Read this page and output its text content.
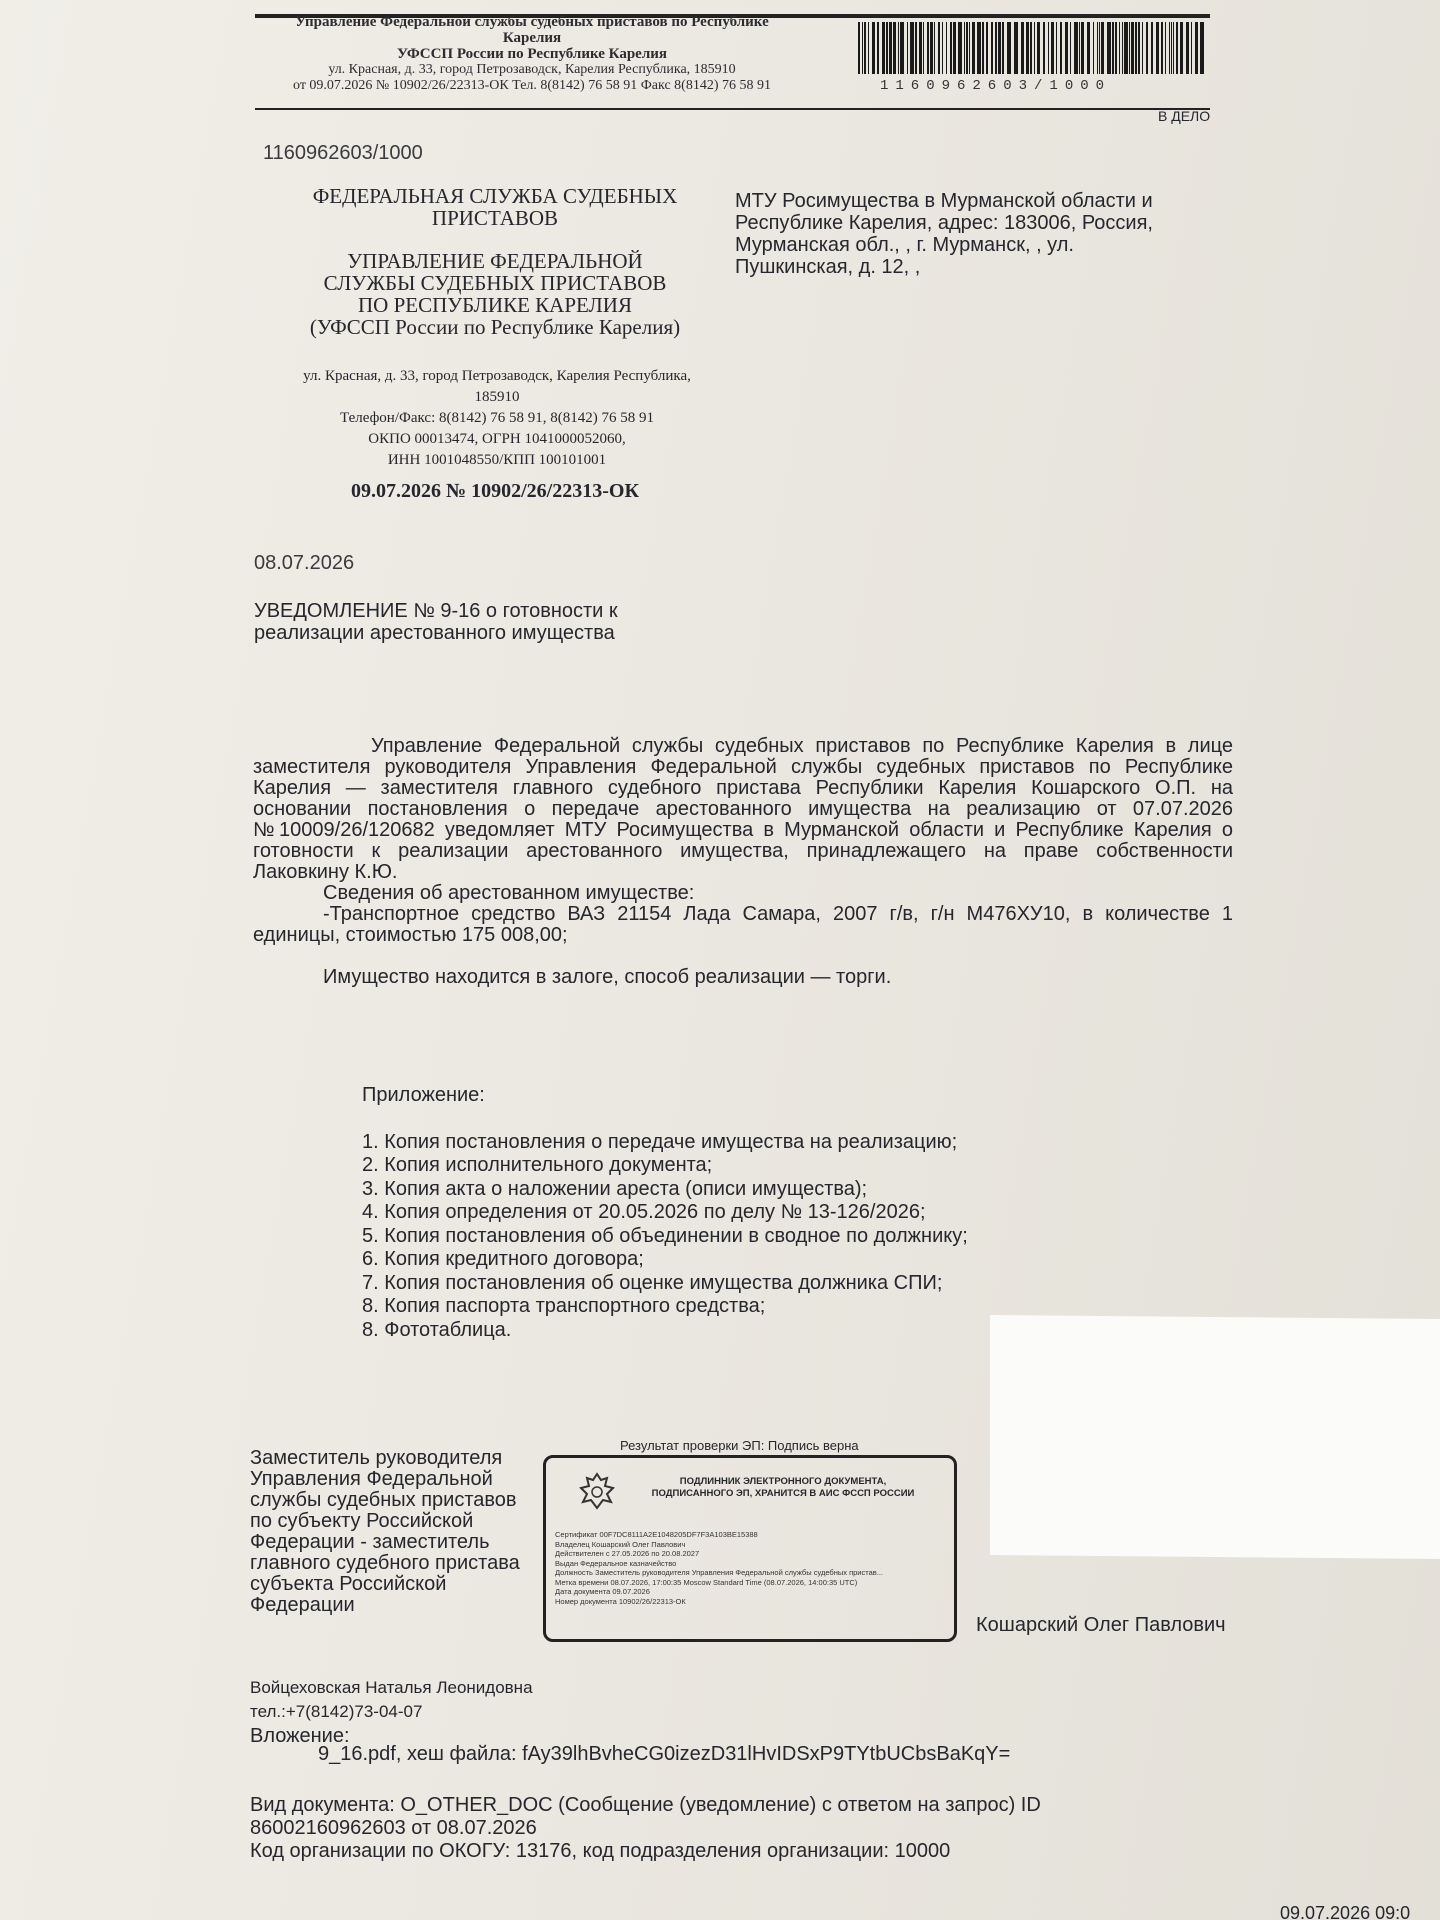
Управление Федеральной службы судебных приставов по Республике
Карелия
УФССП России по Республике Карелия
ул. Красная, д. 33, город Петрозаводск, Карелия Республика, 185910
от 09.07.2026 № 10902/26/22313-ОК Тел. 8(8142) 76 58 91 Факс 8(8142) 76 58 91	1160962603/1000
В ДЕЛО
1160962603/1000
ФЕДЕРАЛЬНАЯ СЛУЖБА СУДЕБНЫХ
ПРИСТАВОВ
УПРАВЛЕНИЕ ФЕДЕРАЛЬНОЙ
СЛУЖБЫ СУДЕБНЫХ ПРИСТАВОВ
ПО РЕСПУБЛИКЕ КАРЕЛИЯ
(УФССП России по Республике Карелия)
ул. Красная, д. 33, город Петрозаводск, Карелия Республика,
185910
Телефон/Факс: 8(8142) 76 58 91, 8(8142) 76 58 91
ОКПО 00013474, ОГРН 1041000052060,
ИНН 1001048550/КПП 100101001
09.07.2026 № 10902/26/22313-ОК
МТУ Росимущества в Мурманской области и
Республике Карелия, адрес: 183006, Россия,
Мурманская обл., , г. Мурманск, , ул.
Пушкинская, д. 12, ,
08.07.2026
УВЕДОМЛЕНИЕ № 9-16 о готовности к
реализации арестованного имущества

Управление Федеральной службы судебных приставов по Республике Карелия в лице заместителя руководителя Управления Федеральной службы судебных приставов по Республике Карелия — заместителя главного судебного пристава Республики Карелия Кошарского О.П. на основании постановления о передаче арестованного имущества на реализацию от 07.07.2026 №10009/26/120682 уведомляет МТУ Росимущества в Мурманской области и Республике Карелия о готовности к реализации арестованного имущества, принадлежащего на праве собственности Лаковкину К.Ю.

Сведения об арестованном имуществе:

-Транспортное средство ВАЗ 21154 Лада Самара, 2007 г/в, г/н М476ХУ10, в количестве 1 единицы, стоимостью 175 008,00;

Имущество находится в залоге, способ реализации — торги.

Приложение:
1. Копия постановления о передаче имущества на реализацию;
2. Копия исполнительного документа;
3. Копия акта о наложении ареста (описи имущества);
4. Копия определения от 20.05.2026 по делу № 13-126/2026;
5. Копия постановления об объединении в сводное по должнику;
6. Копия кредитного договора;
7. Копия постановления об оценке имущества должника СПИ;
8. Копия паспорта транспортного средства;
8. Фототаблица.
Заместитель руководителя
Управления Федеральной
службы судебных приставов
по субъекту Российской
Федерации - заместитель
главного судебного пристава
субъекта Российской
Федерации
Результат проверки ЭП: Подпись верна
ПОДЛИННИК ЭЛЕКТРОННОГО ДОКУМЕНТА,
ПОДПИСАННОГО ЭП, ХРАНИТСЯ В АИС ФССП РОССИИ
Сертификат 00F7DC8111A2E1048205DF7F3A103BE15388
Владелец Кошарский Олег Павлович
Действителен с 27.05.2026 по 20.08.2027
Выдан Федеральное казначейство
Должность Заместитель руководителя Управления Федеральной службы судебных пристав...
Метка времени 08.07.2026, 17:00:35 Moscow Standard Time (08.07.2026, 14:00:35 UTC)
Дата документа 09.07.2026
Номер документа 10902/26/22313-ОК
Кошарский Олег Павлович
Войцеховская Наталья Леонидовна
тел.:+7(8142)73-04-07
Вложение:
9_16.pdf, хеш файла: fAy39lhBvheCG0izezD31lHvIDSxP9TYtbUCbsBaKqY=
Вид документа: O_OTHER_DOC (Сообщение (уведомление) с ответом на запрос) ID
86002160962603 от 08.07.2026
Код организации по ОКОГУ: 13176, код подразделения организации: 10000
09.07.2026 09:0
